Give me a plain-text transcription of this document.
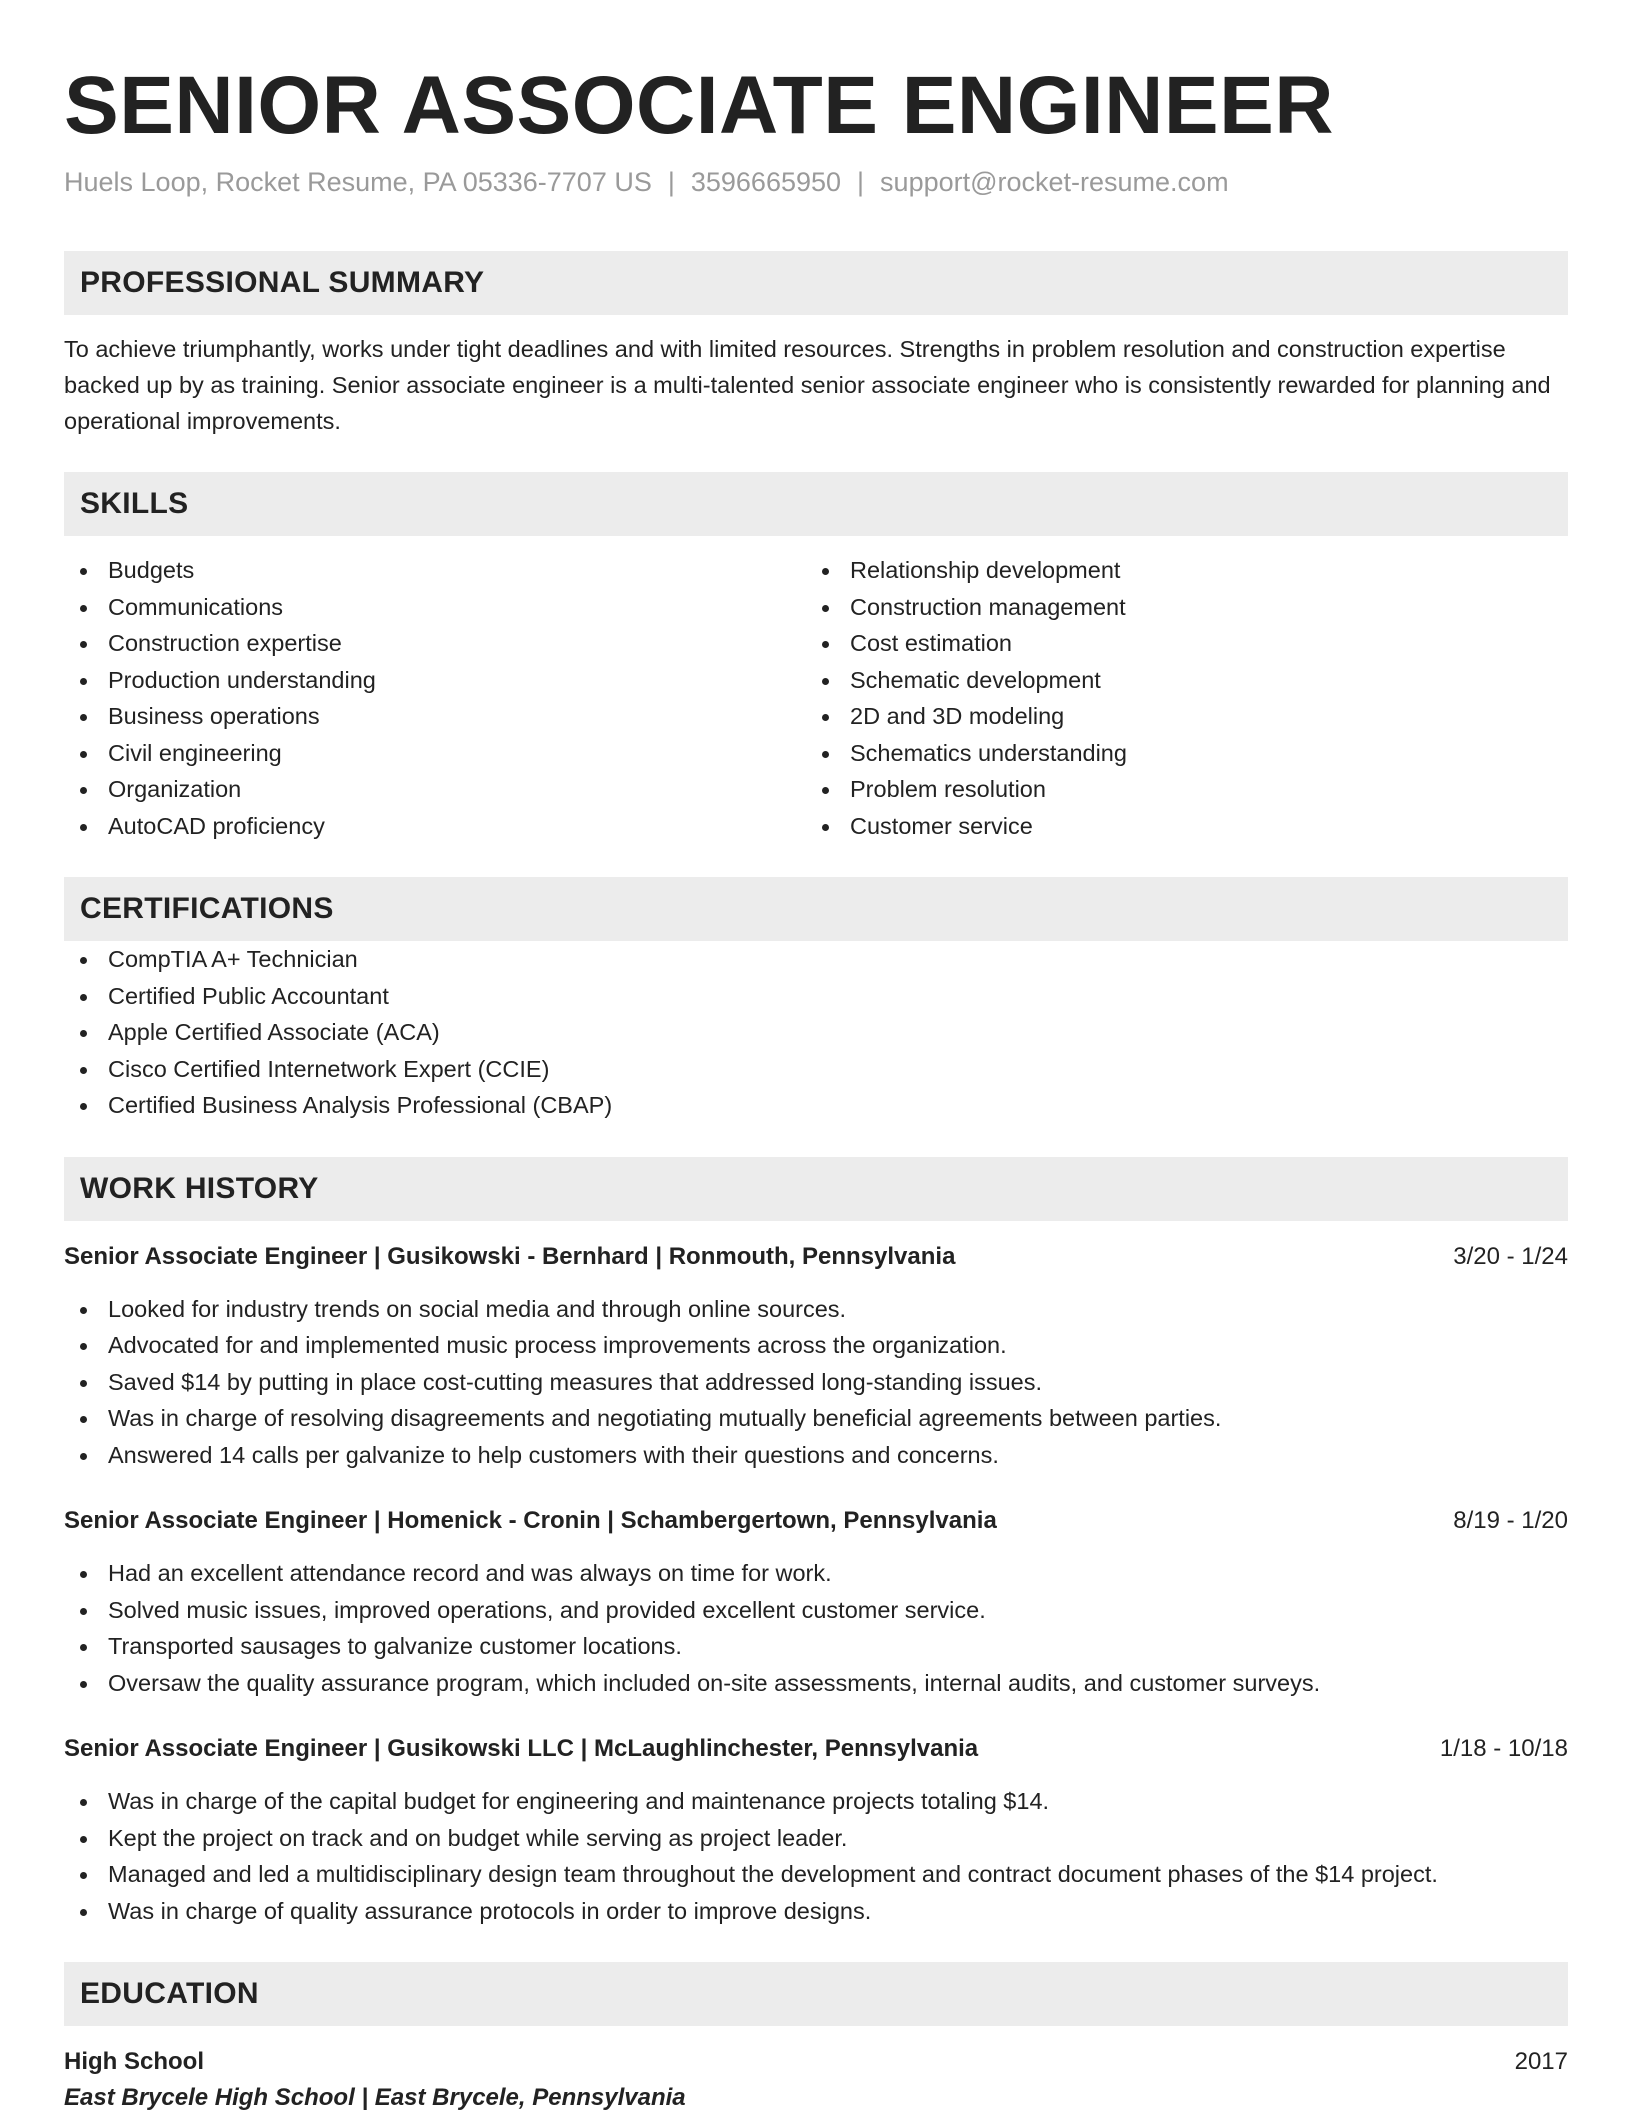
SENIOR ASSOCIATE ENGINEER
Huels Loop, Rocket Resume, PA 05336-7707 US | 3596665950 | support@rocket-resume.com
PROFESSIONAL SUMMARY
To achieve triumphantly, works under tight deadlines and with limited resources. Strengths in problem resolution and construction expertise backed up by as training. Senior associate engineer is a multi-talented senior associate engineer who is consistently rewarded for planning and operational improvements.
SKILLS
Budgets
Communications
Construction expertise
Production understanding
Business operations
Civil engineering
Organization
AutoCAD proficiency
Relationship development
Construction management
Cost estimation
Schematic development
2D and 3D modeling
Schematics understanding
Problem resolution
Customer service
CERTIFICATIONS
CompTIA A+ Technician
Certified Public Accountant
Apple Certified Associate (ACA)
Cisco Certified Internetwork Expert (CCIE)
Certified Business Analysis Professional (CBAP)
WORK HISTORY
Senior Associate Engineer | Gusikowski - Bernhard | Ronmouth, Pennsylvania	3/20 - 1/24
Looked for industry trends on social media and through online sources.
Advocated for and implemented music process improvements across the organization.
Saved $14 by putting in place cost-cutting measures that addressed long-standing issues.
Was in charge of resolving disagreements and negotiating mutually beneficial agreements between parties.
Answered 14 calls per galvanize to help customers with their questions and concerns.
Senior Associate Engineer | Homenick - Cronin | Schambergertown, Pennsylvania	8/19 - 1/20
Had an excellent attendance record and was always on time for work.
Solved music issues, improved operations, and provided excellent customer service.
Transported sausages to galvanize customer locations.
Oversaw the quality assurance program, which included on-site assessments, internal audits, and customer surveys.
Senior Associate Engineer | Gusikowski LLC | McLaughlinchester, Pennsylvania	1/18 - 10/18
Was in charge of the capital budget for engineering and maintenance projects totaling $14.
Kept the project on track and on budget while serving as project leader.
Managed and led a multidisciplinary design team throughout the development and contract document phases of the $14 project.
Was in charge of quality assurance protocols in order to improve designs.
EDUCATION
High School	2017
East Brycele High School | East Brycele, Pennsylvania
